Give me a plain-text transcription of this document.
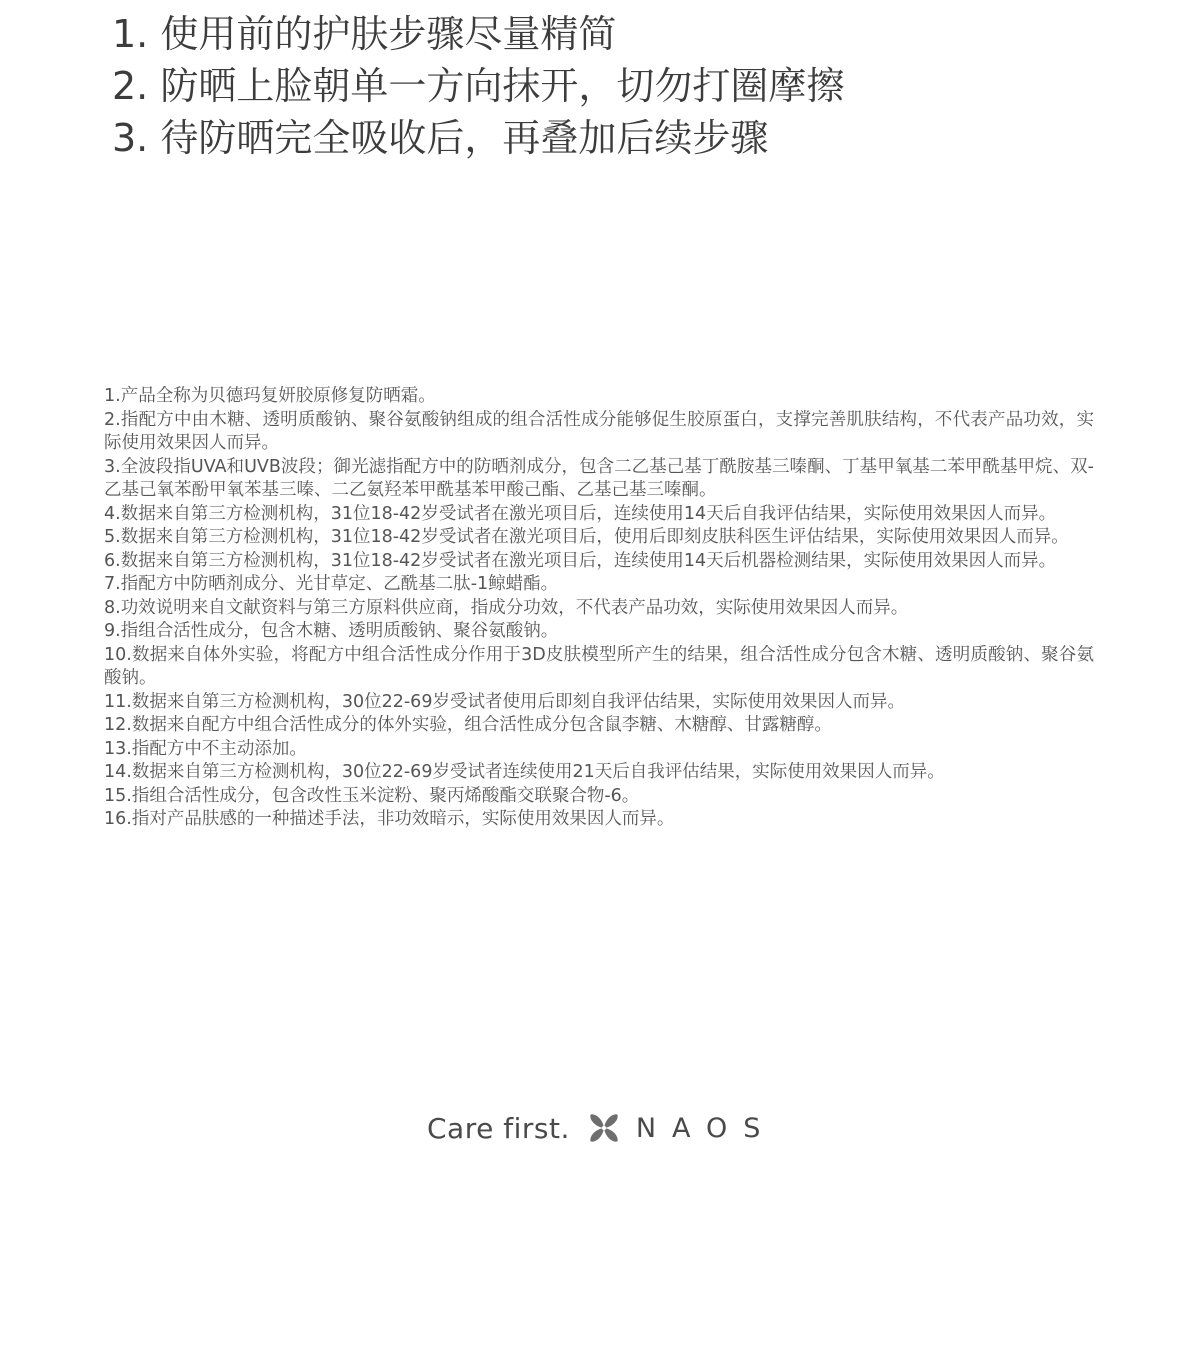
1. 使用前的护肤步骤尽量精简
2. 防晒上脸朝单一方向抹开，切勿打圈摩擦
3. 待防晒完全吸收后，再叠加后续步骤
1.产品全称为贝德玛复妍胶原修复防晒霜。
2.指配方中由木糖、透明质酸钠、聚谷氨酸钠组成的组合活性成分能够促生胶原蛋白，支撑完善肌肤结构，不代表产品功效，实际使用效果因人而异。
3.全波段指UVA和UVB波段；御光滤指配方中的防晒剂成分，包含二乙基己基丁酰胺基三嗪酮、丁基甲氧基二苯甲酰基甲烷、双-乙基己氧苯酚甲氧苯基三嗪、二乙氨羟苯甲酰基苯甲酸己酯、乙基己基三嗪酮。
4.数据来自第三方检测机构，31位18-42岁受试者在激光项目后，连续使用14天后自我评估结果，实际使用效果因人而异。
5.数据来自第三方检测机构，31位18-42岁受试者在激光项目后，使用后即刻皮肤科医生评估结果，实际使用效果因人而异。
6.数据来自第三方检测机构，31位18-42岁受试者在激光项目后，连续使用14天后机器检测结果，实际使用效果因人而异。
7.指配方中防晒剂成分、光甘草定、乙酰基二肽-1鲸蜡酯。
8.功效说明来自文献资料与第三方原料供应商，指成分功效，不代表产品功效，实际使用效果因人而异。
9.指组合活性成分，包含木糖、透明质酸钠、聚谷氨酸钠。
10.数据来自体外实验，将配方中组合活性成分作用于3D皮肤模型所产生的结果，组合活性成分包含木糖、透明质酸钠、聚谷氨酸钠。
11.数据来自第三方检测机构，30位22-69岁受试者使用后即刻自我评估结果，实际使用效果因人而异。
12.数据来自配方中组合活性成分的体外实验，组合活性成分包含鼠李糖、木糖醇、甘露糖醇。
13.指配方中不主动添加。
14.数据来自第三方检测机构，30位22-69岁受试者连续使用21天后自我评估结果，实际使用效果因人而异。
15.指组合活性成分，包含改性玉米淀粉、聚丙烯酸酯交联聚合物-6。
16.指对产品肤感的一种描述手法，非功效暗示，实际使用效果因人而异。
Care first. NAOS
